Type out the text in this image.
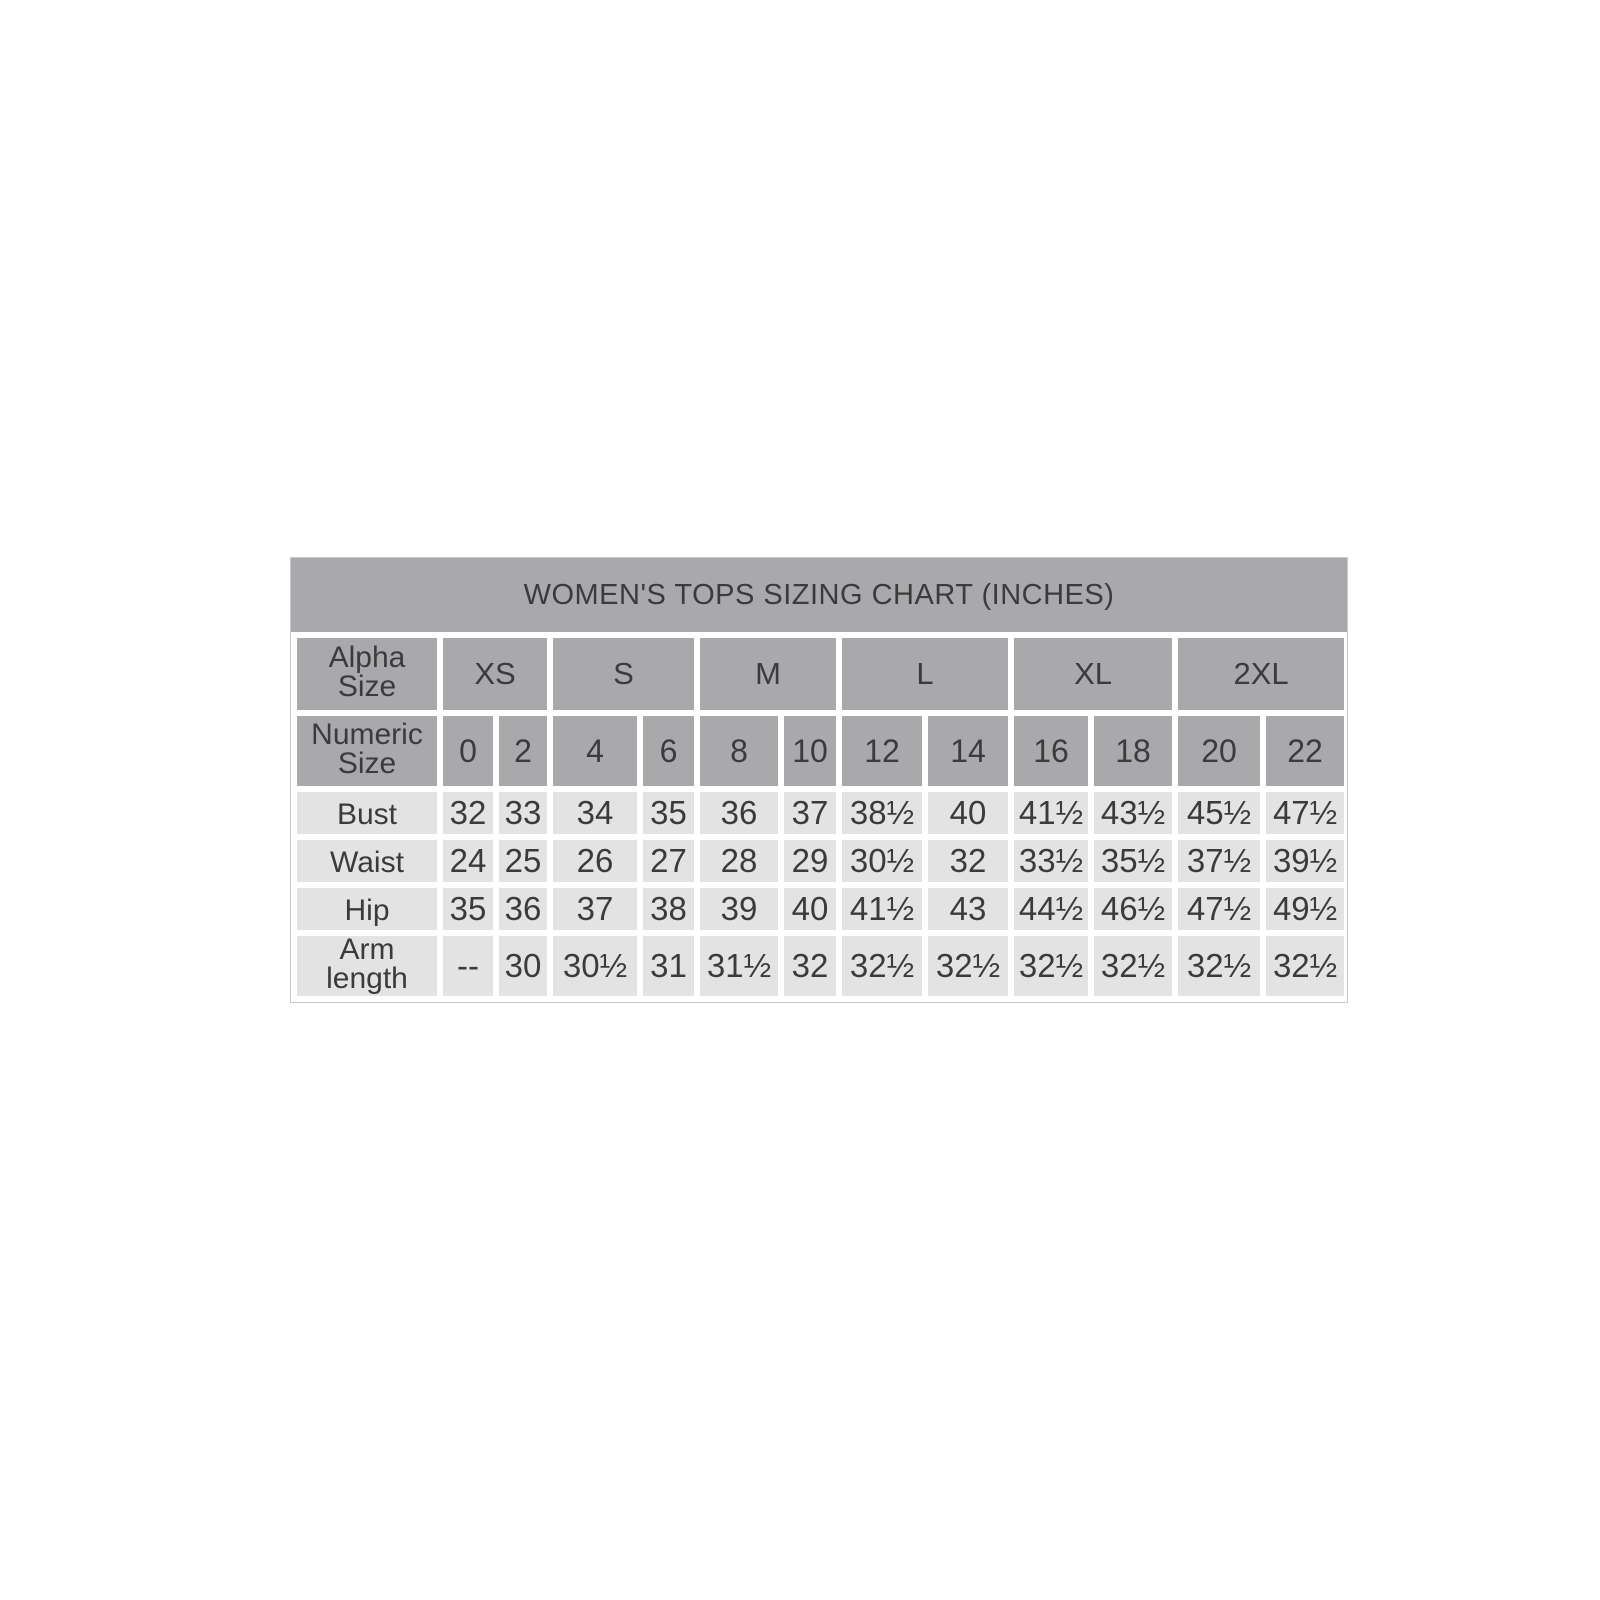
WOMEN'S TOPS SIZING CHART (INCHES)
Alpha Size	XS		S		M		L		XL		2XL	
Numeric Size	0	2	4	6	8	10	12	14	16	18	20	22
Bust	32	33	34	35	36	37	38½	40	41½	43½	45½	47½
Waist	24	25	26	27	28	29	30½	32	33½	35½	37½	39½
Hip	35	36	37	38	39	40	41½	43	44½	46½	47½	49½
Arm length	--	30	30½	31	31½	32	32½	32½	32½	32½	32½	32½
